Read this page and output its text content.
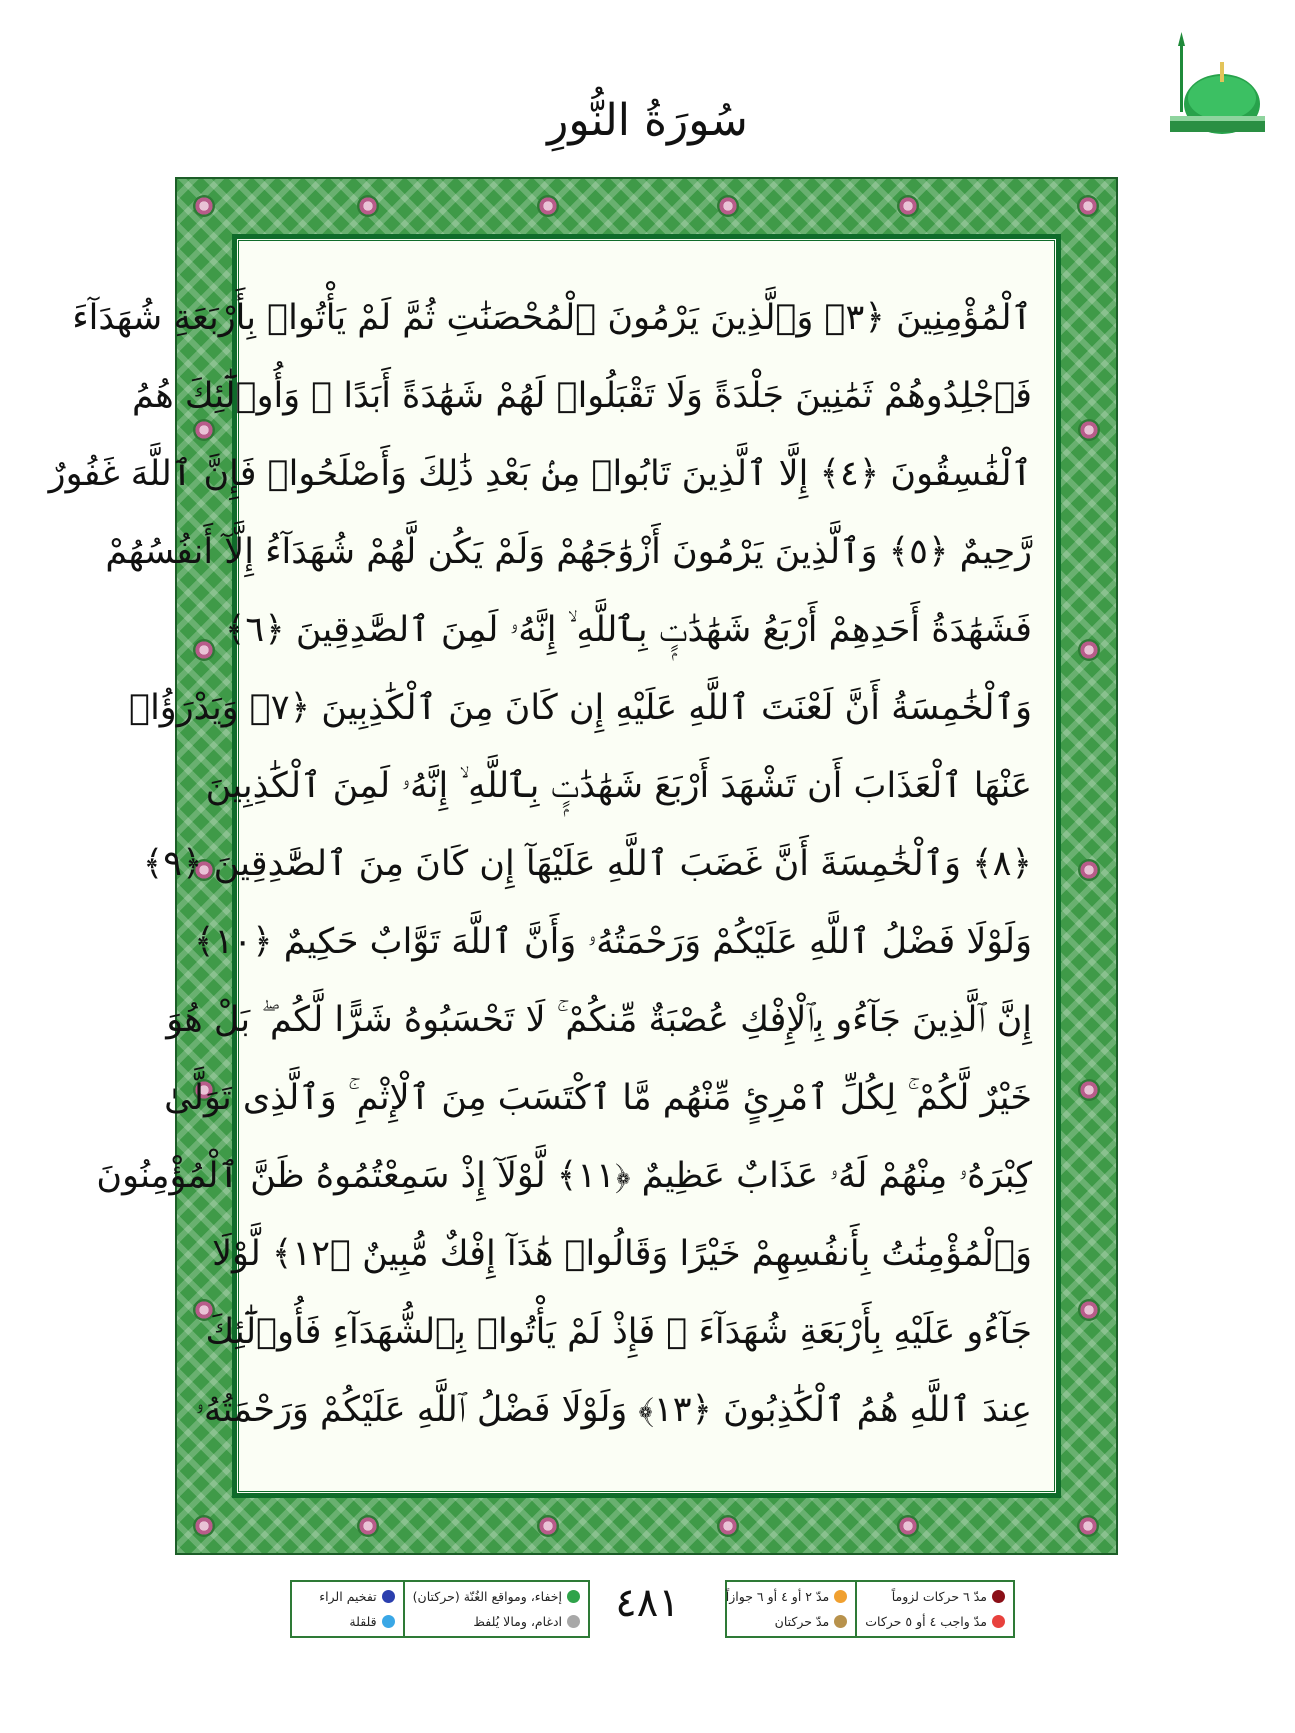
سُورَةُ النُّورِ
ٱلْمُؤْمِنِينَ ﴿٣﴾ وَٱلَّذِينَ يَرْمُونَ ٱلْمُحْصَنَٰتِ ثُمَّ لَمْ يَأْتُوا۟ بِأَرْبَعَةِ شُهَدَآءَ
فَٱجْلِدُوهُمْ ثَمَٰنِينَ جَلْدَةً وَلَا تَقْبَلُوا۟ لَهُمْ شَهَٰدَةً أَبَدًا ۚ وَأُو۟لَٰٓئِكَ هُمُ
ٱلْفَٰسِقُونَ ﴿٤﴾ إِلَّا ٱلَّذِينَ تَابُوا۟ مِنۢ بَعْدِ ذَٰلِكَ وَأَصْلَحُوا۟ فَإِنَّ ٱللَّهَ غَفُورٌ
رَّحِيمٌ ﴿٥﴾ وَٱلَّذِينَ يَرْمُونَ أَزْوَٰجَهُمْ وَلَمْ يَكُن لَّهُمْ شُهَدَآءُ إِلَّآ أَنفُسُهُمْ
فَشَهَٰدَةُ أَحَدِهِمْ أَرْبَعُ شَهَٰدَٰتٍۭ بِٱللَّهِ ۙ إِنَّهُۥ لَمِنَ ٱلصَّٰدِقِينَ ﴿٦﴾
وَٱلْخَٰمِسَةُ أَنَّ لَعْنَتَ ٱللَّهِ عَلَيْهِ إِن كَانَ مِنَ ٱلْكَٰذِبِينَ ﴿٧﴾ وَيَدْرَؤُا۟
عَنْهَا ٱلْعَذَابَ أَن تَشْهَدَ أَرْبَعَ شَهَٰدَٰتٍۭ بِٱللَّهِ ۙ إِنَّهُۥ لَمِنَ ٱلْكَٰذِبِينَ
﴿٨﴾ وَٱلْخَٰمِسَةَ أَنَّ غَضَبَ ٱللَّهِ عَلَيْهَآ إِن كَانَ مِنَ ٱلصَّٰدِقِينَ ﴿٩﴾
وَلَوْلَا فَضْلُ ٱللَّهِ عَلَيْكُمْ وَرَحْمَتُهُۥ وَأَنَّ ٱللَّهَ تَوَّابٌ حَكِيمٌ ﴿١٠﴾
إِنَّ ٱلَّذِينَ جَآءُو بِٱلْإِفْكِ عُصْبَةٌ مِّنكُمْ ۚ لَا تَحْسَبُوهُ شَرًّا لَّكُم ۖ بَلْ هُوَ
خَيْرٌ لَّكُمْ ۚ لِكُلِّ ٱمْرِئٍ مِّنْهُم مَّا ٱكْتَسَبَ مِنَ ٱلْإِثْمِ ۚ وَٱلَّذِى تَوَلَّىٰ
كِبْرَهُۥ مِنْهُمْ لَهُۥ عَذَابٌ عَظِيمٌ ﴿١١﴾ لَّوْلَآ إِذْ سَمِعْتُمُوهُ ظَنَّ ٱلْمُؤْمِنُونَ
وَٱلْمُؤْمِنَٰتُ بِأَنفُسِهِمْ خَيْرًا وَقَالُوا۟ هَٰذَآ إِفْكٌ مُّبِينٌ ﴿١٢﴾ لَّوْلَا
جَآءُو عَلَيْهِ بِأَرْبَعَةِ شُهَدَآءَ ۚ فَإِذْ لَمْ يَأْتُوا۟ بِٱلشُّهَدَآءِ فَأُو۟لَٰٓئِكَ
عِندَ ٱللَّهِ هُمُ ٱلْكَٰذِبُونَ ﴿١٣﴾ وَلَوْلَا فَضْلُ ٱللَّهِ عَلَيْكُمْ وَرَحْمَتُهُۥ
٤٨١
إخفاء، ومواقع الغُنّة (حركتان)
ادغام، ومالا يُلفظ
تفخيم الراء
قلقلة
مدّ ٦ حركات لزوماً
مدّ واجب ٤ أو ٥ حركات
مدّ ٢ أو ٤ أو ٦ جوازاً
مدّ حركتان
